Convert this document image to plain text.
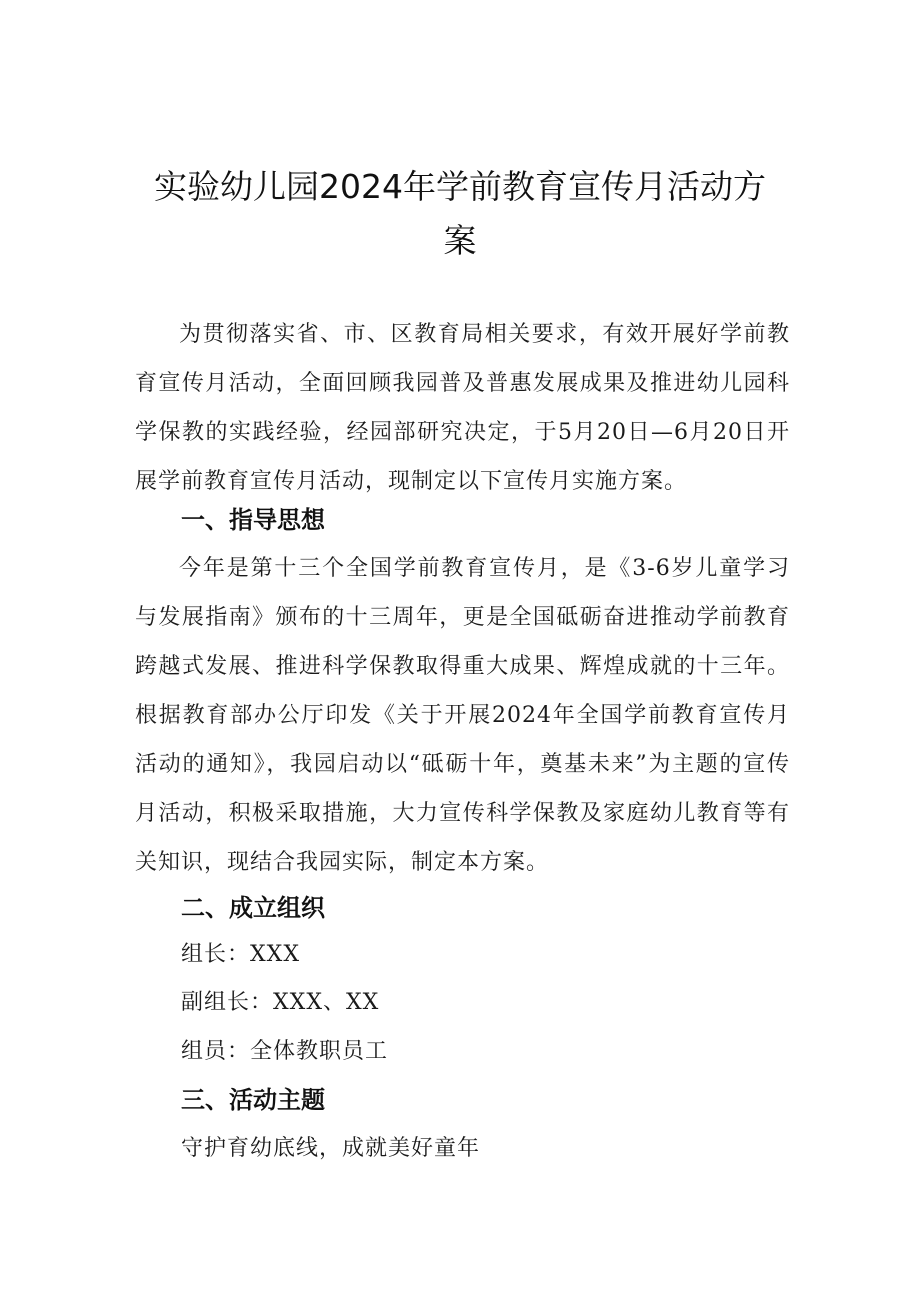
实验幼儿园2024年学前教育宣传月活动方
案

为贯彻落实省、市、区教育局相关要求，有效开展好学前教育宣传月活动，全面回顾我园普及普惠发展成果及推进幼儿园科学保教的实践经验，经园部研究决定，于5月20日—6月20日开展学前教育宣传月活动，现制定以下宣传月实施方案。

一、指导思想

今年是第十三个全国学前教育宣传月，是《3-6岁儿童学习与发展指南》颁布的十三周年，更是全国砥砺奋进推动学前教育跨越式发展、推进科学保教取得重大成果、辉煌成就的十三年。根据教育部办公厅印发《关于开展2024年全国学前教育宣传月活动的通知》，我园启动以“砥砺十年，奠基未来”为主题的宣传月活动，积极采取措施，大力宣传科学保教及家庭幼儿教育等有关知识，现结合我园实际，制定本方案。

二、成立组织

组长：XXX

副组长：XXX、XX

组员：全体教职员工

三、活动主题

守护育幼底线，成就美好童年
